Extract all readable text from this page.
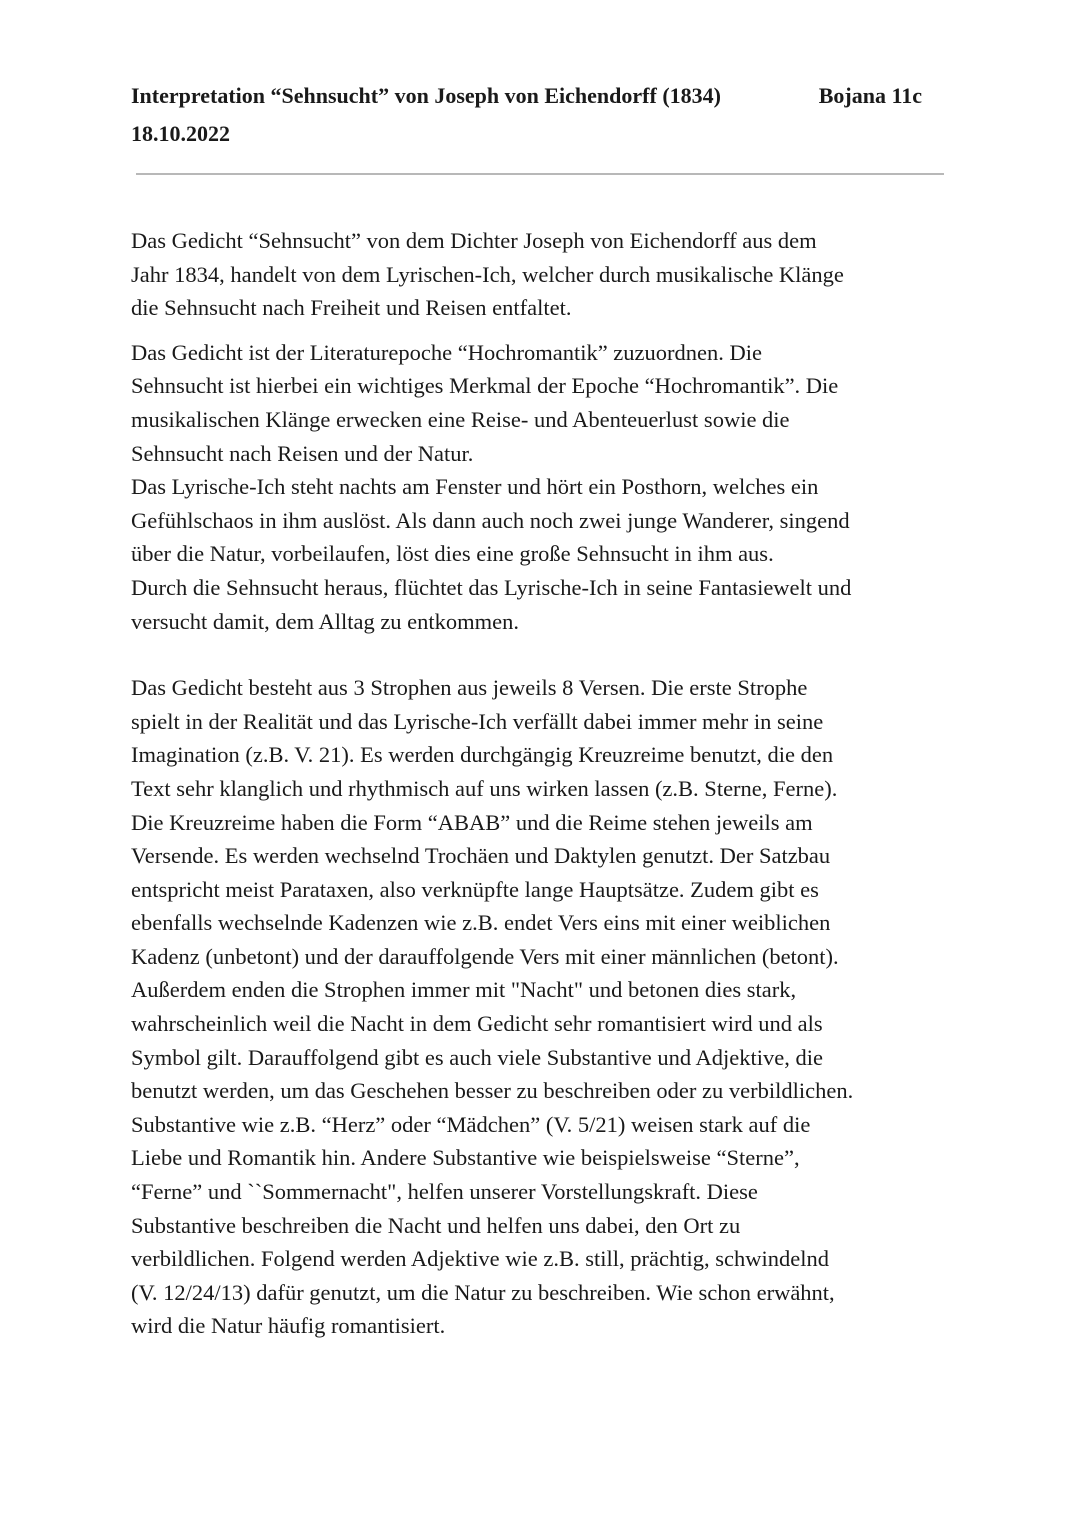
Interpretation “Sehnsucht” von Joseph von Eichendorff (1834)	Bojana 11c
18.10.2022

Das Gedicht “Sehnsucht” von dem Dichter Joseph von Eichendorff aus dem
Jahr 1834, handelt von dem Lyrischen-Ich, welcher durch musikalische Klänge
die Sehnsucht nach Freiheit und Reisen entfaltet.

Das Gedicht ist der Literaturepoche “Hochromantik” zuzuordnen. Die
Sehnsucht ist hierbei ein wichtiges Merkmal der Epoche “Hochromantik”. Die
musikalischen Klänge erwecken eine Reise- und Abenteuerlust sowie die
Sehnsucht nach Reisen und der Natur.
Das Lyrische-Ich steht nachts am Fenster und hört ein Posthorn, welches ein
Gefühlschaos in ihm auslöst. Als dann auch noch zwei junge Wanderer, singend
über die Natur, vorbeilaufen, löst dies eine große Sehnsucht in ihm aus.
Durch die Sehnsucht heraus, flüchtet das Lyrische-Ich in seine Fantasiewelt und
versucht damit, dem Alltag zu entkommen.

Das Gedicht besteht aus 3 Strophen aus jeweils 8 Versen. Die erste Strophe
spielt in der Realität und das Lyrische-Ich verfällt dabei immer mehr in seine
Imagination (z.B. V. 21). Es werden durchgängig Kreuzreime benutzt, die den
Text sehr klanglich und rhythmisch auf uns wirken lassen (z.B. Sterne, Ferne).
Die Kreuzreime haben die Form “ABAB” und die Reime stehen jeweils am
Versende. Es werden wechselnd Trochäen und Daktylen genutzt. Der Satzbau
entspricht meist Parataxen, also verknüpfte lange Hauptsätze. Zudem gibt es
ebenfalls wechselnde Kadenzen wie z.B. endet Vers eins mit einer weiblichen
Kadenz (unbetont) und der darauffolgende Vers mit einer männlichen (betont).
Außerdem enden die Strophen immer mit "Nacht" und betonen dies stark,
wahrscheinlich weil die Nacht in dem Gedicht sehr romantisiert wird und als
Symbol gilt. Darauffolgend gibt es auch viele Substantive und Adjektive, die
benutzt werden, um das Geschehen besser zu beschreiben oder zu verbildlichen.
Substantive wie z.B. “Herz” oder “Mädchen” (V. 5/21) weisen stark auf die
Liebe und Romantik hin. Andere Substantive wie beispielsweise “Sterne”,
“Ferne” und ``Sommernacht", helfen unserer Vorstellungskraft. Diese
Substantive beschreiben die Nacht und helfen uns dabei, den Ort zu
verbildlichen. Folgend werden Adjektive wie z.B. still, prächtig, schwindelnd
(V. 12/24/13) dafür genutzt, um die Natur zu beschreiben. Wie schon erwähnt,
wird die Natur häufig romantisiert.
